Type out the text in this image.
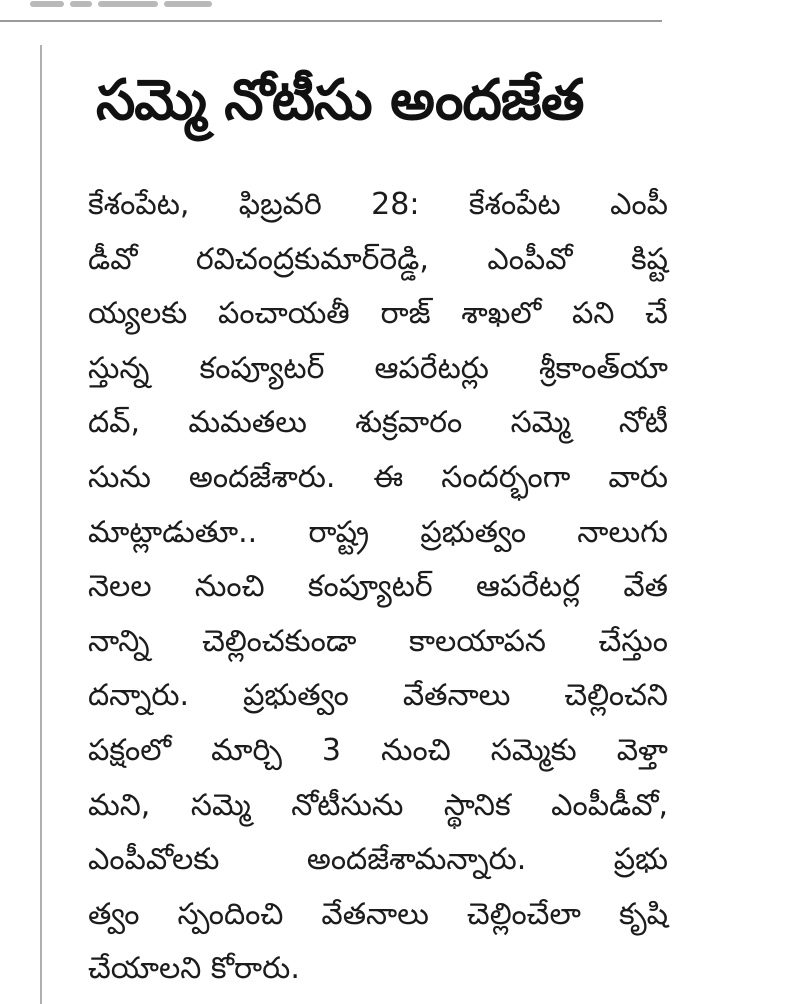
సమ్మె నోటీసు అందజేత
కేశంపేట, ఫిబ్రవరి 28: కేశంపేట ఎంపీ
డీవో రవిచంద్రకుమార్‌రెడ్డి, ఎంపీవో కిష్ట
య్యలకు పంచాయతీ రాజ్ శాఖలో పని చే
స్తున్న కంప్యూటర్ ఆపరేటర్లు శ్రీకాంత్‌యా
దవ్, మమతలు శుక్రవారం సమ్మె నోటీ
సును అందజేశారు. ఈ సందర్భంగా వారు
మాట్లాడుతూ.. రాష్ట్ర ప్రభుత్వం నాలుగు
నెలల నుంచి కంప్యూటర్ ఆపరేటర్ల వేత
నాన్ని చెల్లించకుండా కాలయాపన చేస్తుం
దన్నారు. ప్రభుత్వం వేతనాలు చెల్లించని
పక్షంలో మార్చి 3 నుంచి సమ్మెకు వెళ్తా
మని, సమ్మె నోటీసును స్థానిక ఎంపీడీవో,
ఎంపీవోలకు అందజేశామన్నారు. ప్రభు
త్వం స్పందించి వేతనాలు చెల్లించేలా కృషి
చేయాలని కోరారు.
